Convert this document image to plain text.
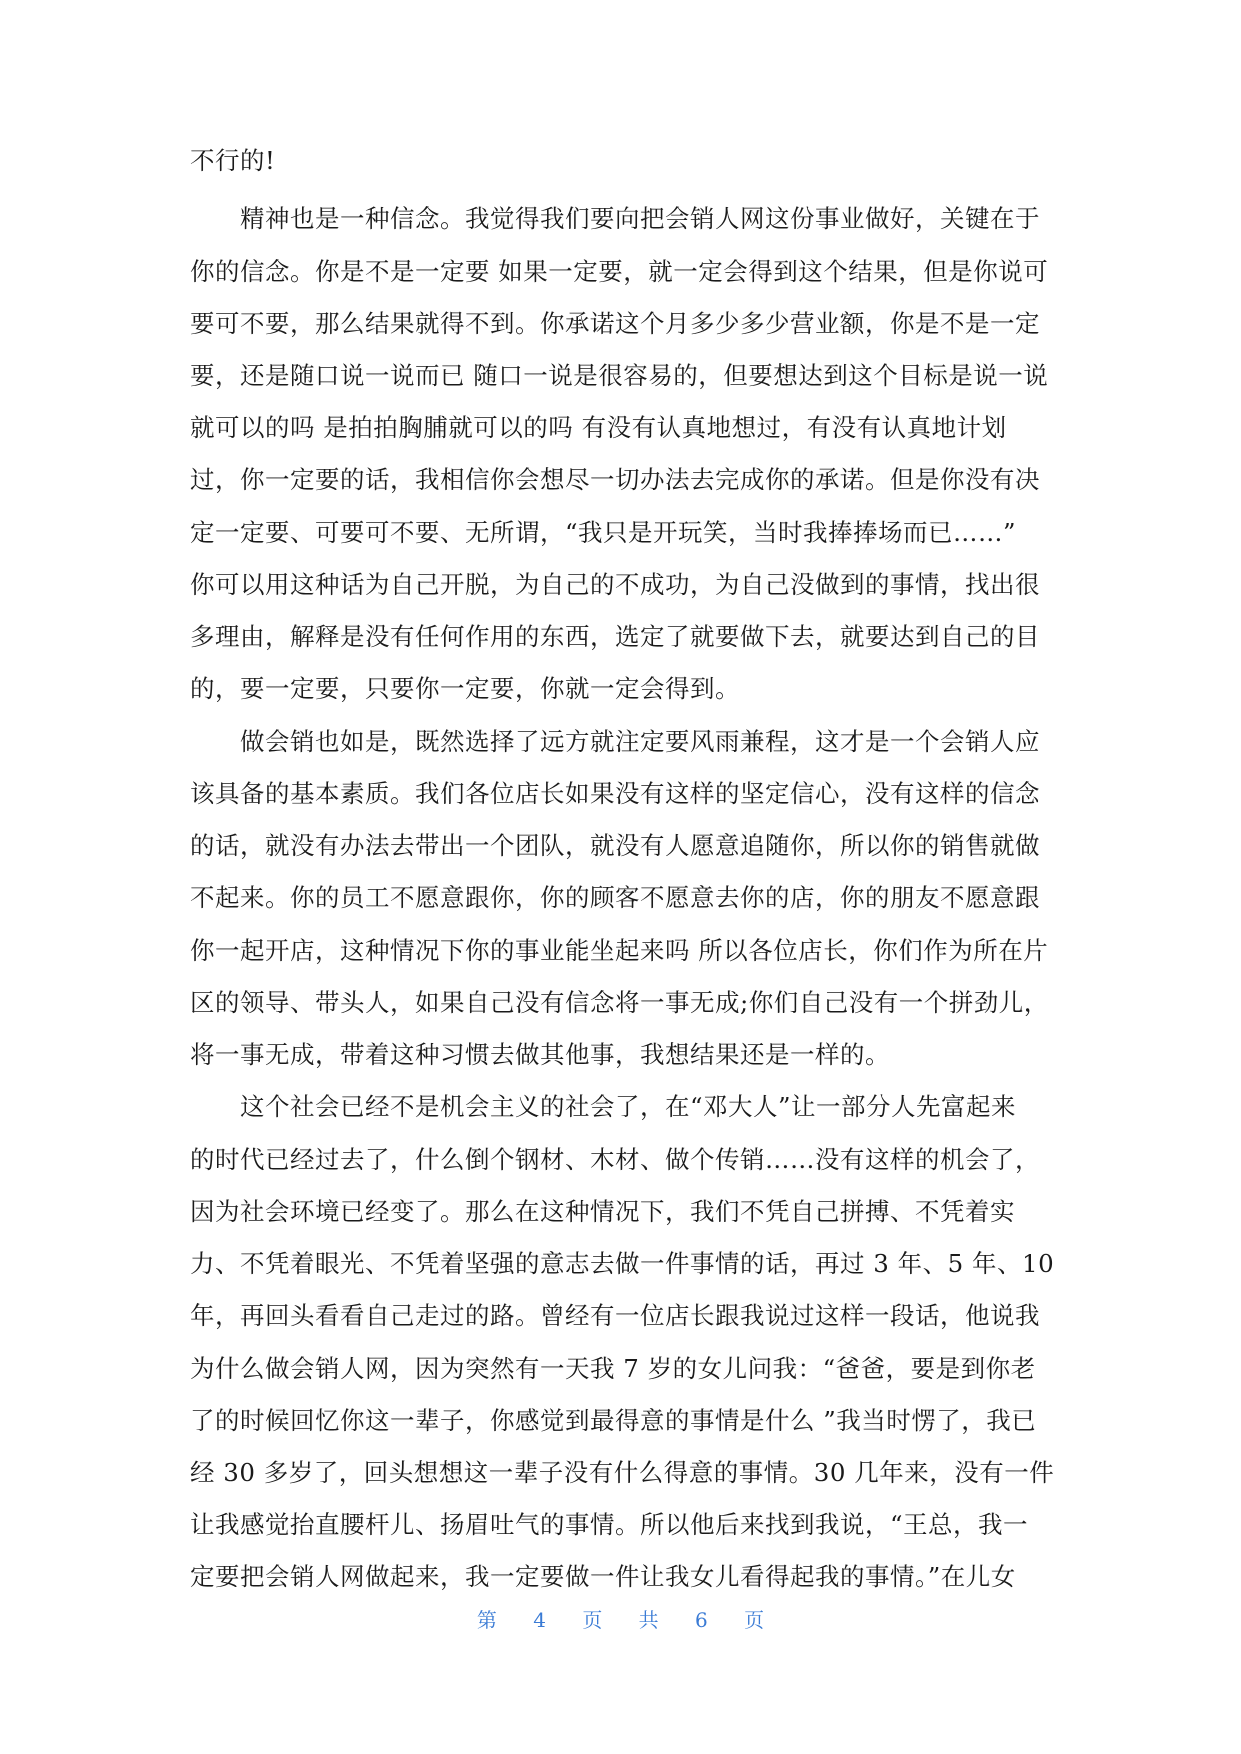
不行的!
　　精神也是一种信念。我觉得我们要向把会销人网这份事业做好，关键在于
你的信念。你是不是一定要 如果一定要，就一定会得到这个结果，但是你说可
要可不要，那么结果就得不到。你承诺这个月多少多少营业额，你是不是一定
要，还是随口说一说而已 随口一说是很容易的，但要想达到这个目标是说一说
就可以的吗 是拍拍胸脯就可以的吗 有没有认真地想过，有没有认真地计划
过，你一定要的话，我相信你会想尽一切办法去完成你的承诺。但是你没有决
定一定要、可要可不要、无所谓，“我只是开玩笑，当时我捧捧场而已……”
你可以用这种话为自己开脱，为自己的不成功，为自己没做到的事情，找出很
多理由，解释是没有任何作用的东西，选定了就要做下去，就要达到自己的目
的，要一定要，只要你一定要，你就一定会得到。
　　做会销也如是，既然选择了远方就注定要风雨兼程，这才是一个会销人应
该具备的基本素质。我们各位店长如果没有这样的坚定信心，没有这样的信念
的话，就没有办法去带出一个团队，就没有人愿意追随你，所以你的销售就做
不起来。你的员工不愿意跟你，你的顾客不愿意去你的店，你的朋友不愿意跟
你一起开店，这种情况下你的事业能坐起来吗 所以各位店长，你们作为所在片
区的领导、带头人，如果自己没有信念将一事无成;你们自己没有一个拼劲儿，
将一事无成，带着这种习惯去做其他事，我想结果还是一样的。
　　这个社会已经不是机会主义的社会了，在“邓大人”让一部分人先富起来
的时代已经过去了，什么倒个钢材、木材、做个传销……没有这样的机会了，
因为社会环境已经变了。那么在这种情况下，我们不凭自己拼搏、不凭着实
力、不凭着眼光、不凭着坚强的意志去做一件事情的话，再过 3 年、5 年、10
年，再回头看看自己走过的路。曾经有一位店长跟我说过这样一段话，他说我
为什么做会销人网，因为突然有一天我 7 岁的女儿问我：“爸爸，要是到你老
了的时候回忆你这一辈子，你感觉到最得意的事情是什么 ”我当时愣了，我已
经 30 多岁了，回头想想这一辈子没有什么得意的事情。30 几年来，没有一件
让我感觉抬直腰杆儿、扬眉吐气的事情。所以他后来找到我说，“王总，我一
定要把会销人网做起来，我一定要做一件让我女儿看得起我的事情。”在儿女
第 4 页 共 6 页
